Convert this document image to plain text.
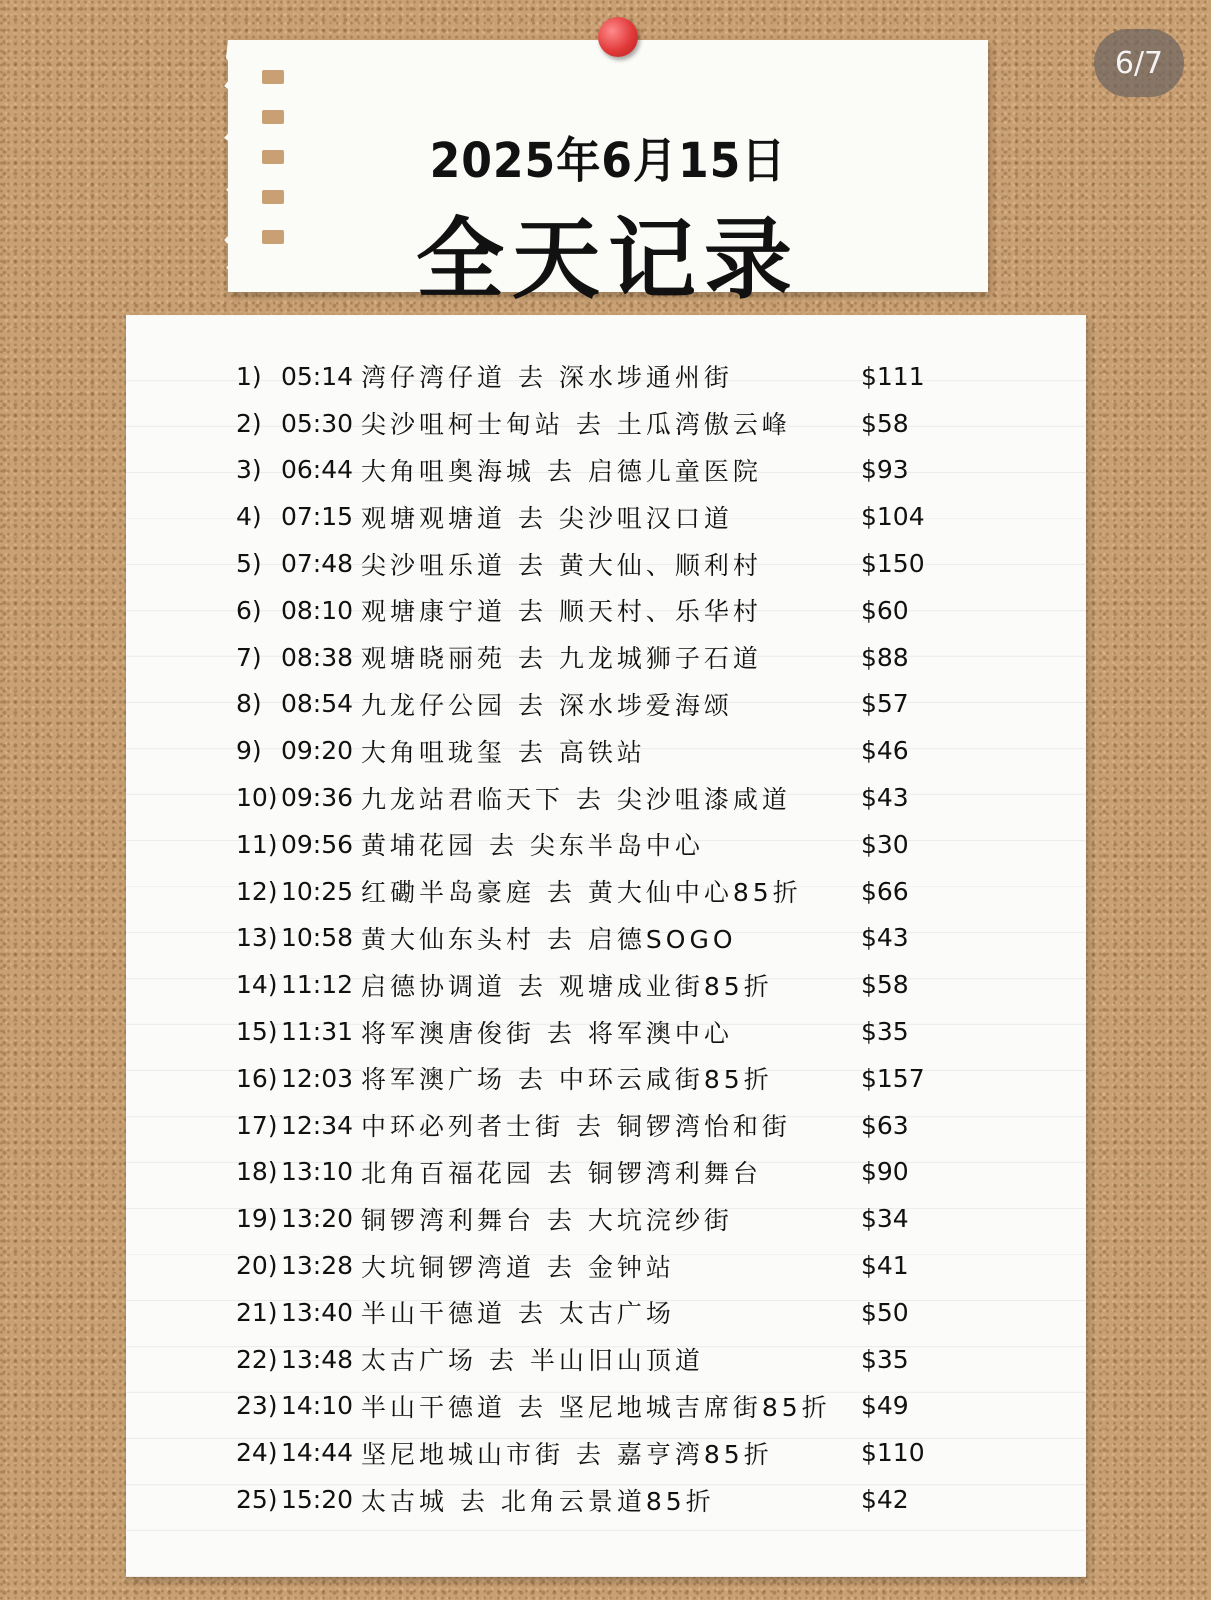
6/7
2025年6月15日
全天记录
1) 05:14 湾仔湾仔道 去 深水埗通州街	$111
2) 05:30 尖沙咀柯士甸站 去 土瓜湾傲云峰	$58
3) 06:44 大角咀奥海城 去 启德儿童医院	$93
4) 07:15 观塘观塘道 去 尖沙咀汉口道	$104
5) 07:48 尖沙咀乐道 去 黄大仙、顺利村	$150
6) 08:10 观塘康宁道 去 顺天村、乐华村	$60
7) 08:38 观塘晓丽苑 去 九龙城狮子石道	$88
8) 08:54 九龙仔公园 去 深水埗爱海颂	$57
9) 09:20 大角咀珑玺 去 高铁站	$46
10) 09:36 九龙站君临天下 去 尖沙咀漆咸道	$43
11) 09:56 黄埔花园 去 尖东半岛中心	$30
12) 10:25 红磡半岛豪庭 去 黄大仙中心85折	$66
13) 10:58 黄大仙东头村 去 启德SOGO	$43
14) 11:12 启德协调道 去 观塘成业街85折	$58
15) 11:31 将军澳唐俊街 去 将军澳中心	$35
16) 12:03 将军澳广场 去 中环云咸街85折	$157
17) 12:34 中环必列者士街 去 铜锣湾怡和街	$63
18) 13:10 北角百福花园 去 铜锣湾利舞台	$90
19) 13:20 铜锣湾利舞台 去 大坑浣纱街	$34
20) 13:28 大坑铜锣湾道 去 金钟站	$41
21) 13:40 半山干德道 去 太古广场	$50
22) 13:48 太古广场 去 半山旧山顶道	$35
23) 14:10 半山干德道 去 坚尼地城吉席街85折	$49
24) 14:44 坚尼地城山市街 去 嘉亨湾85折	$110
25) 15:20 太古城 去 北角云景道85折	$42
